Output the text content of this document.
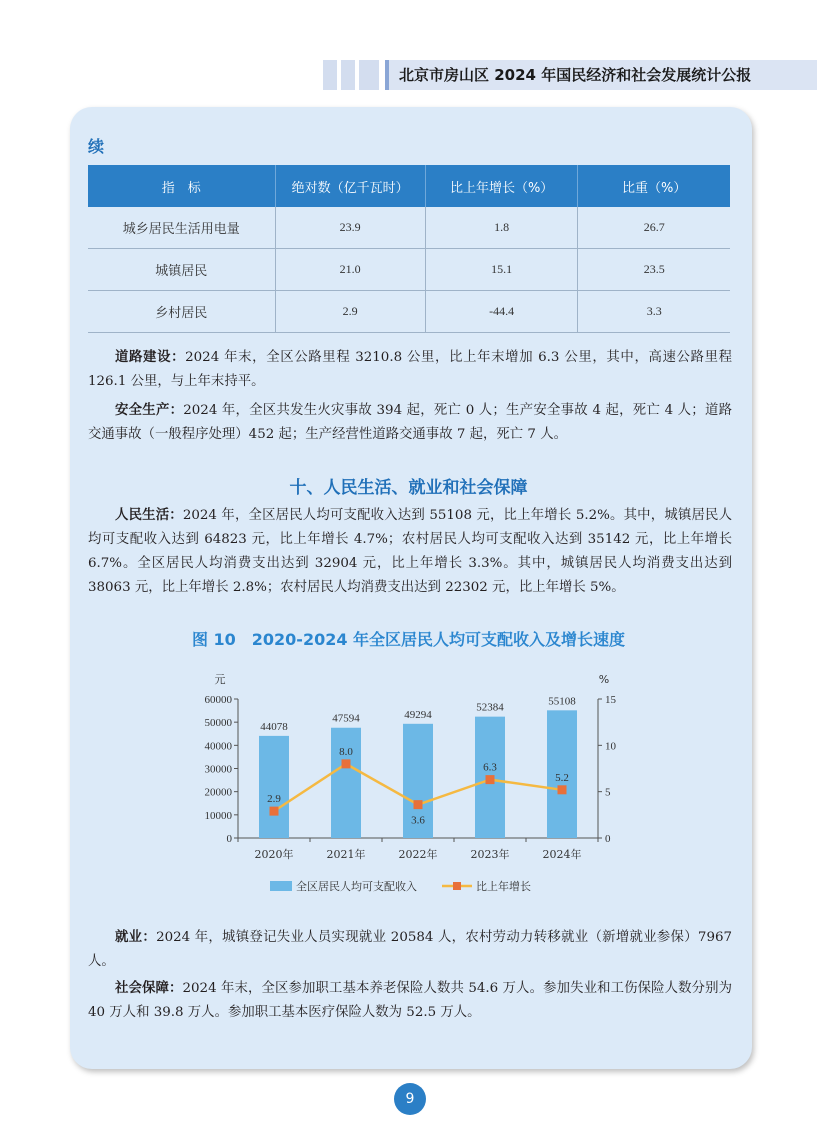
北京市房山区 2024 年国民经济和社会发展统计公报
续
指　标	绝对数（亿千瓦时）	比上年增长（%）	比重（%）
城乡居民生活用电量	23.9	1.8	26.7
城镇居民	21.0	15.1	23.5
乡村居民	2.9	-44.4	3.3
道路建设：2024 年末，全区公路里程 3210.8 公里，比上年末增加 6.3 公里，其中，高速公路里程 126.1 公里，与上年末持平。
安全生产：2024 年，全区共发生火灾事故 394 起，死亡 0 人；生产安全事故 4 起，死亡 4 人；道路交通事故（一般程序处理）452 起；生产经营性道路交通事故 7 起，死亡 7 人。
十、人民生活、就业和社会保障
人民生活：2024 年，全区居民人均可支配收入达到 55108 元，比上年增长 5.2%。其中，城镇居民人均可支配收入达到 64823 元，比上年增长 4.7%；农村居民人均可支配收入达到 35142 元，比上年增长 6.7%。全区居民人均消费支出达到 32904 元，比上年增长 3.3%。其中，城镇居民人均消费支出达到 38063 元，比上年增长 2.8%；农村居民人均消费支出达到 22302 元，比上年增长 5%。
图 10　2020-2024 年全区居民人均可支配收入及增长速度
元	%
0
10000
20000
30000
40000
50000
60000
0
5
10
15
2020年	2021年	2022年	2023年	2024年
44078
47594	49294
52384
55108
2.9
8.0
3.6
6.3
5.2
全区居民人均可支配收入	比上年增长
就业：2024 年，城镇登记失业人员实现就业 20584 人，农村劳动力转移就业（新增就业参保）7967 人。
社会保障：2024 年末，全区参加职工基本养老保险人数共 54.6 万人。参加失业和工伤保险人数分别为 40 万人和 39.8 万人。参加职工基本医疗保险人数为 52.5 万人。
9
